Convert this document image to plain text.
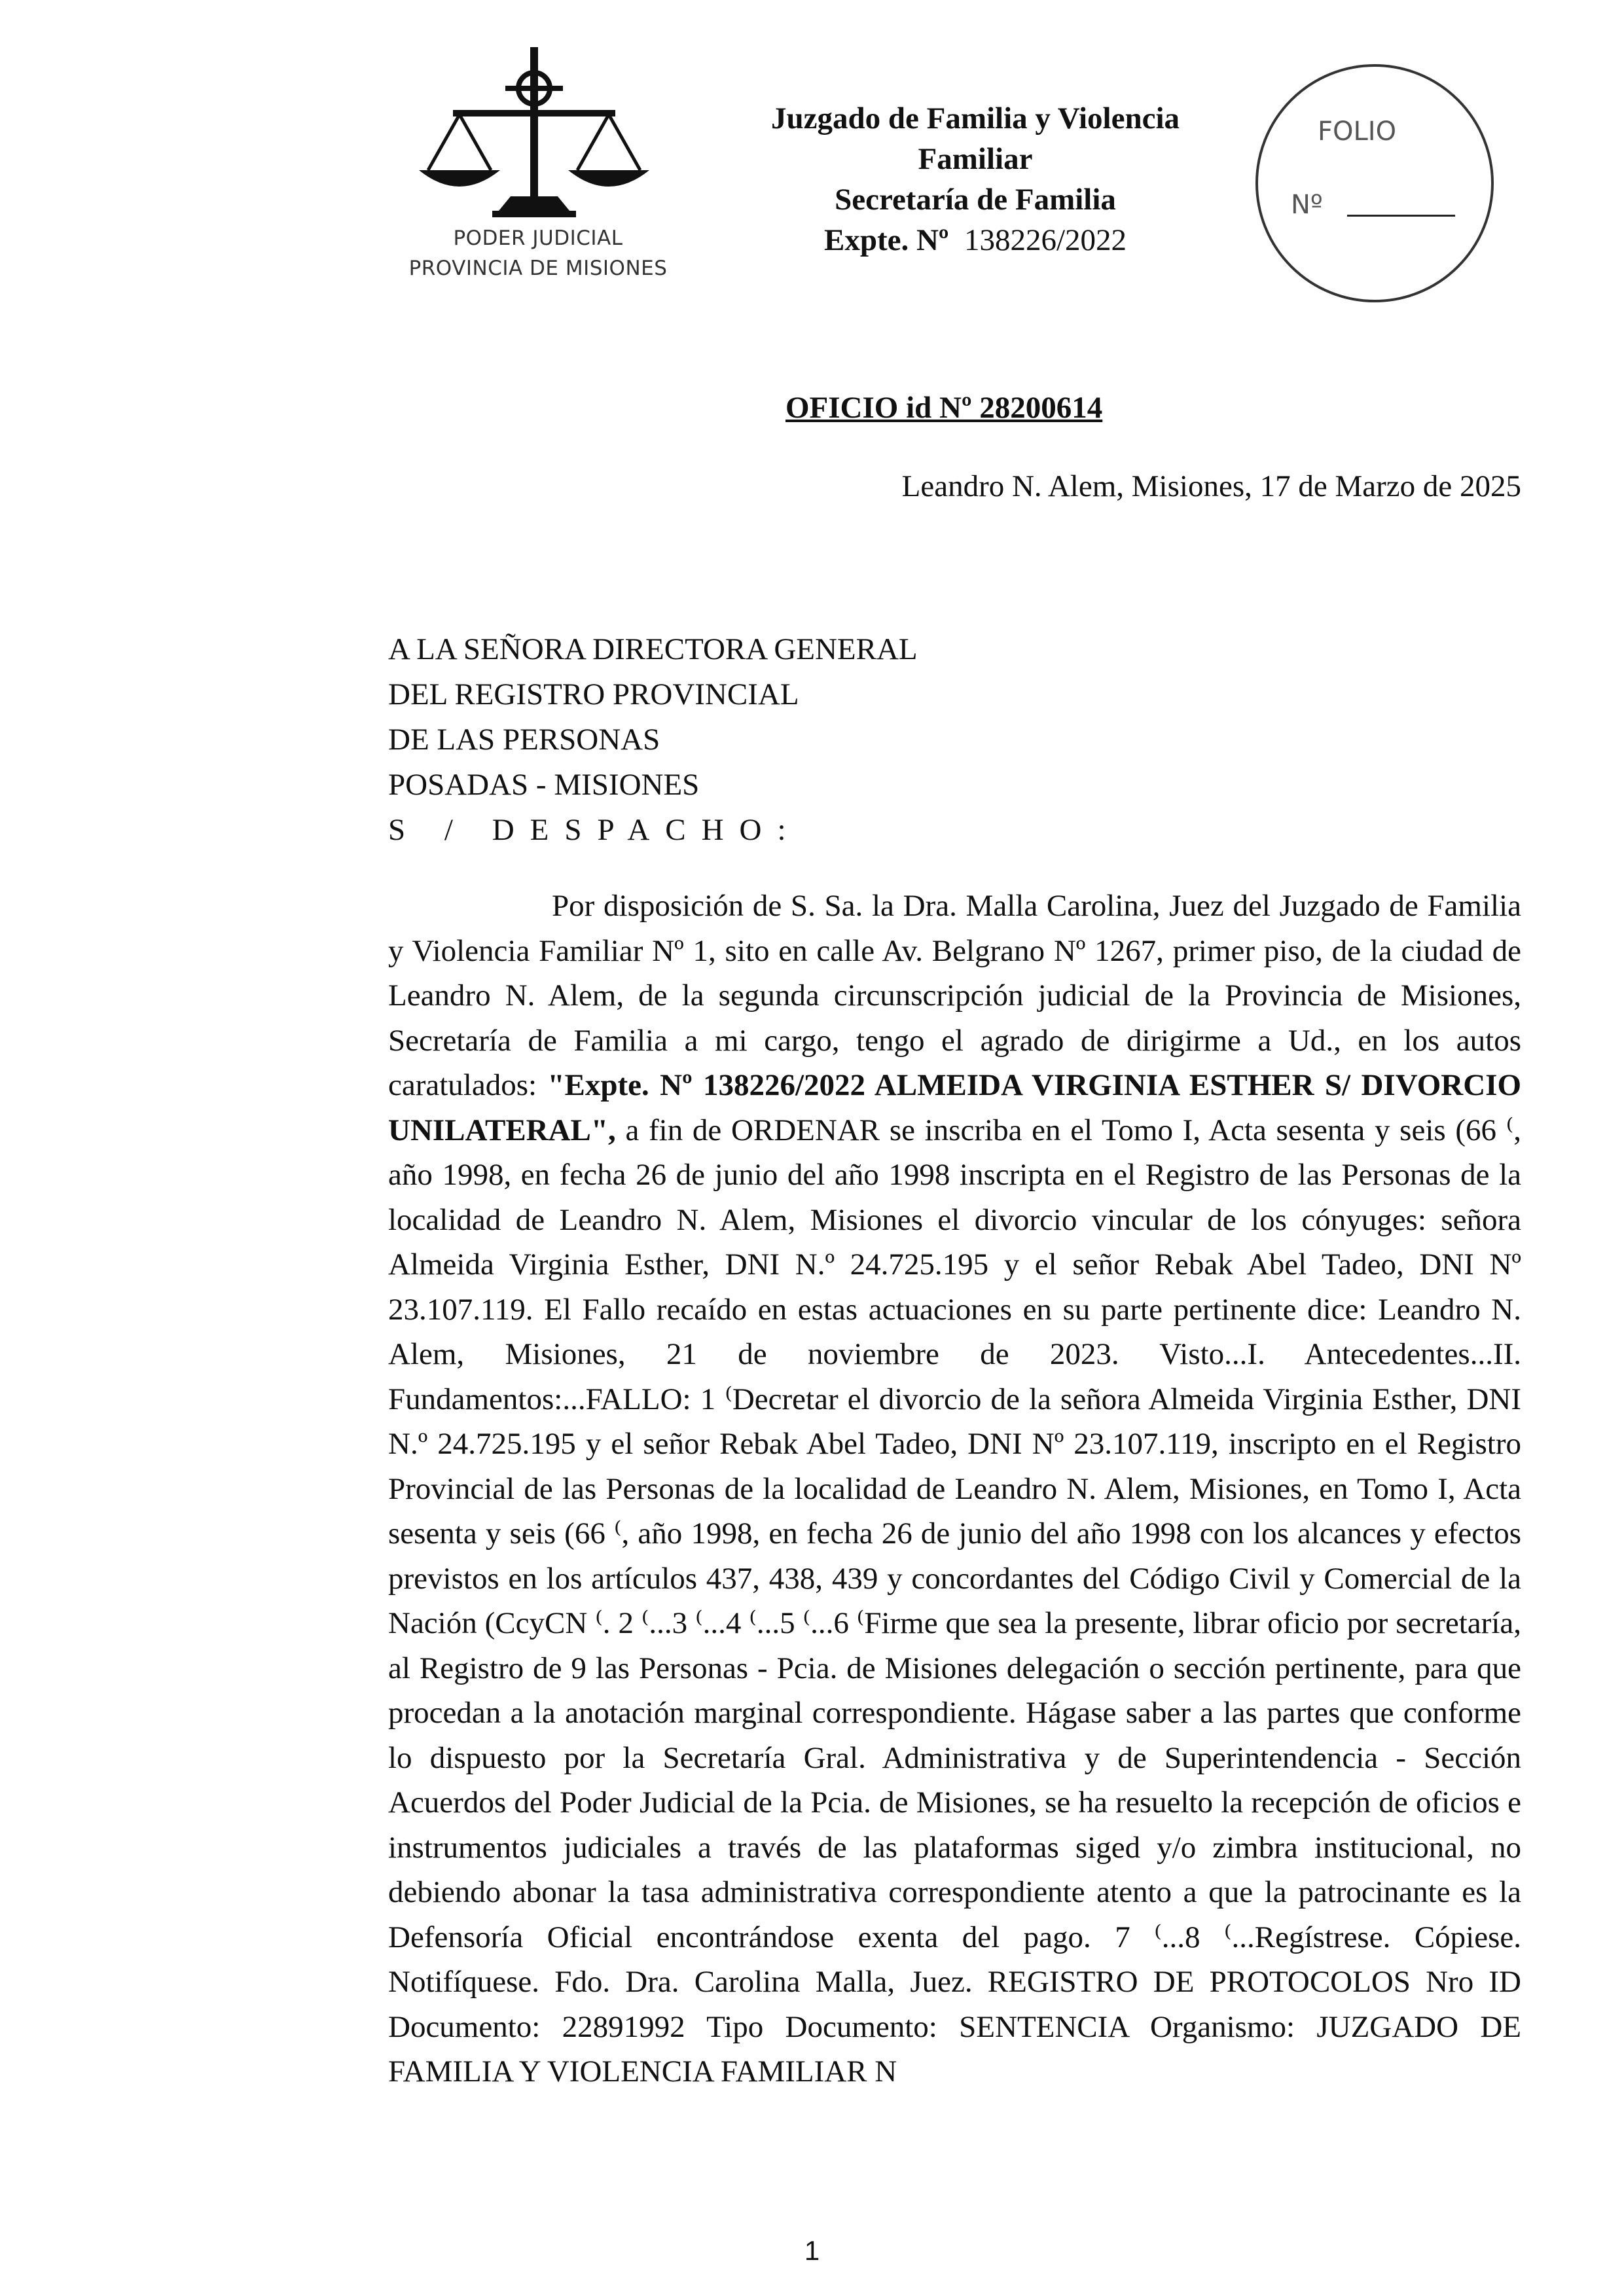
PODER JUDICIAL
PROVINCIA DE MISIONES
Juzgado de Familia y Violencia
Familiar
Secretaría de Familia
Expte. Nº 138226/2022
FOLIO
Nº
OFICIO id Nº 28200614
Leandro N. Alem, Misiones, 17 de Marzo de 2025
A LA SEÑORA DIRECTORA GENERAL
DEL REGISTRO PROVINCIAL
DE LAS PERSONAS
POSADAS - MISIONES
S / DESPACHO:

Por disposición de S. Sa. la Dra. Malla Carolina, Juez del Juzgado de Familia y Violencia Familiar Nº 1, sito en calle Av. Belgrano Nº 1267, primer piso, de la ciudad de Leandro N. Alem, de la segunda circunscripción judicial de la Provincia de Misiones, Secretaría de Familia a mi cargo, tengo el agrado de dirigirme a Ud., en los autos caratulados: "Expte. Nº 138226/2022 ALMEIDA VIRGINIA ESTHER S/ DIVORCIO UNILATERAL", a fin de ORDENAR se inscriba en el Tomo I, Acta sesenta y seis (66 ⁽, año 1998, en fecha 26 de junio del año 1998 inscripta en el Registro de las Personas de la localidad de Leandro N. Alem, Misiones el divorcio vincular de los cónyuges: señora Almeida Virginia Esther, DNI N.º 24.725.195 y el señor Rebak Abel Tadeo, DNI Nº 23.107.119. El Fallo recaído en estas actuaciones en su parte pertinente dice: Leandro N. Alem, Misiones, 21 de noviembre de 2023. Visto...I. Antecedentes...II. Fundamentos:...FALLO: 1 ⁽Decretar el divorcio de la señora Almeida Virginia Esther, DNI N.º 24.725.195 y el señor Rebak Abel Tadeo, DNI Nº 23.107.119, inscripto en el Registro Provincial de las Personas de la localidad de Leandro N. Alem, Misiones, en Tomo I, Acta sesenta y seis (66 ⁽, año 1998, en fecha 26 de junio del año 1998 con los alcances y efectos previstos en los artículos 437, 438, 439 y concordantes del Código Civil y Comercial de la Nación (CcyCN ⁽. 2 ⁽...3 ⁽...4 ⁽...5 ⁽...6 ⁽Firme que sea la presente, librar oficio por secretaría, al Registro de 9 las Personas - Pcia. de Misiones delegación o sección pertinente, para que procedan a la anotación marginal correspondiente. Hágase saber a las partes que conforme lo dispuesto por la Secretaría Gral. Administrativa y de Superintendencia - Sección Acuerdos del Poder Judicial de la Pcia. de Misiones, se ha resuelto la recepción de oficios e instrumentos judiciales a través de las plataformas siged y/o zimbra institucional, no debiendo abonar la tasa administrativa correspondiente atento a que la patrocinante es la Defensoría Oficial encontrándose exenta del pago. 7 ⁽...8 ⁽...Regístrese. Cópiese. Notifíquese. Fdo. Dra. Carolina Malla, Juez. REGISTRO DE PROTOCOLOS Nro ID Documento: 22891992 Tipo Documento: SENTENCIA Organismo: JUZGADO DE FAMILIA Y VIOLENCIA FAMILIAR N

1
